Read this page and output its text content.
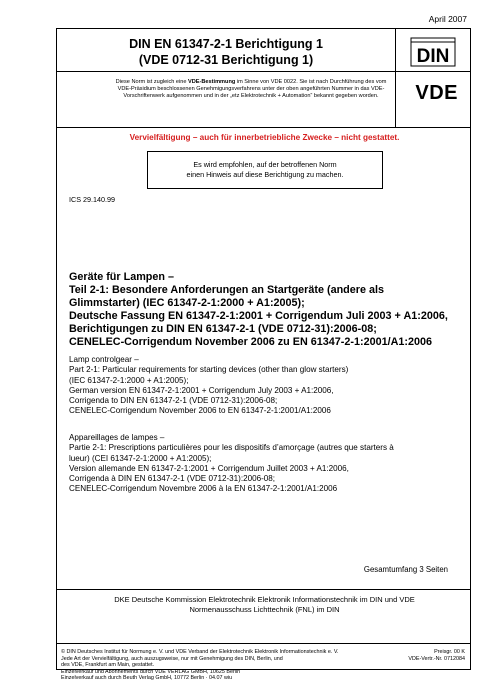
April 2007
DIN EN 61347-2-1 Berichtigung 1
(VDE 0712-31 Berichtigung 1)	DIN
Diese Norm ist zugleich eine VDE-Bestimmung im Sinne von VDE 0022. Sie ist nach Durchführung des vom VDE-Präsidium beschlossenen Genehmigungsverfahrens unter der oben angeführten Nummer in das VDE-Vorschriftenwerk aufgenommen und in der „etz Elektrotechnik + Automation“ bekannt gegeben worden.	VDE
Vervielfältigung – auch für innerbetriebliche Zwecke – nicht gestattet.
Es wird empfohlen, auf der betroffenen Norm
einen Hinweis auf diese Berichtigung zu machen.
ICS 29.140.99
Geräte für Lampen –
Teil 2-1: Besondere Anforderungen an Startgeräte (andere als
Glimmstarter) (IEC 61347-2-1:2000 + A1:2005);
Deutsche Fassung EN 61347-2-1:2001 + Corrigendum Juli 2003 + A1:2006,
Berichtigungen zu DIN EN 61347-2-1 (VDE 0712-31):2006-08;
CENELEC-Corrigendum November 2006 zu EN 61347-2-1:2001/A1:2006
Lamp controlgear –
Part 2-1: Particular requirements for starting devices (other than glow starters)
(IEC 61347-2-1:2000 + A1:2005);
German version EN 61347-2-1:2001 + Corrigendum July 2003 + A1:2006,
Corrigenda to DIN EN 61347-2-1 (VDE 0712-31):2006-08;
CENELEC-Corrigendum November 2006 to EN 61347-2-1:2001/A1:2006
Appareillages de lampes –
Partie 2-1: Prescriptions particulières pour les dispositifs d’amorçage (autres que starters à
lueur) (CEI 61347-2-1:2000 + A1:2005);
Version allemande EN 61347-2-1:2001 + Corrigendum Juillet 2003 + A1:2006,
Corrigenda à DIN EN 61347-2-1 (VDE 0712-31):2006-08;
CENELEC-Corrigendum Novembre 2006 à la EN 61347-2-1:2001/A1:2006
Gesamtumfang 3 Seiten
DKE Deutsche Kommission Elektrotechnik Elektronik Informationstechnik im DIN und VDE
Normenausschuss Lichttechnik (FNL) im DIN
© DIN Deutsches Institut für Normung e. V. und VDE Verband der Elektrotechnik Elektronik Informationstechnik e. V.
Jede Art der Vervielfältigung, auch auszugsweise, nur mit Genehmigung des DIN, Berlin, und
des VDE, Frankfurt am Main, gestattet.
Einzelverkauf und Abonnements durch VDE VERLAG GMBH, 10625 Berlin
Einzelverkauf auch durch Beuth Verlag GmbH, 10772 Berlin · 04.07 wiu
Preisgr. 00 K
VDE-Vertr.-Nr. 0712084
